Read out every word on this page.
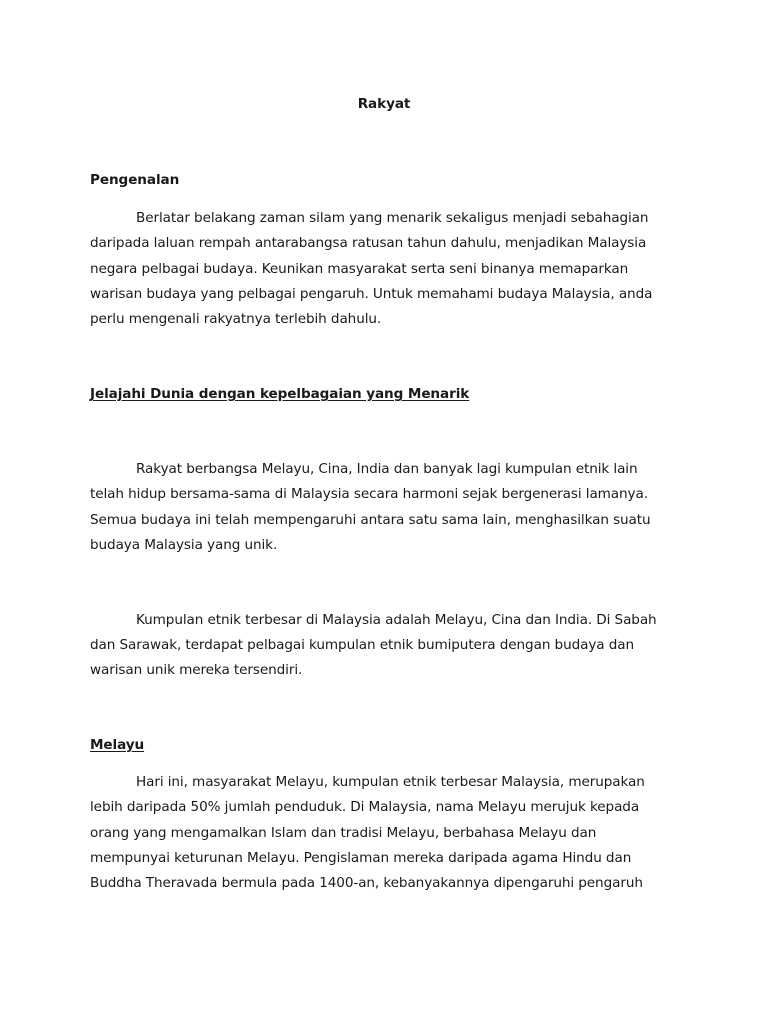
Rakyat
Pengenalan
Berlatar belakang zaman silam yang menarik sekaligus menjadi sebahagian
daripada laluan rempah antarabangsa ratusan tahun dahulu, menjadikan Malaysia
negara pelbagai budaya. Keunikan masyarakat serta seni binanya memaparkan
warisan budaya yang pelbagai pengaruh. Untuk memahami budaya Malaysia, anda
perlu mengenali rakyatnya terlebih dahulu.
Jelajahi Dunia dengan kepelbagaian yang Menarik
Rakyat berbangsa Melayu, Cina, India dan banyak lagi kumpulan etnik lain
telah hidup bersama-sama di Malaysia secara harmoni sejak bergenerasi lamanya.
Semua budaya ini telah mempengaruhi antara satu sama lain, menghasilkan suatu
budaya Malaysia yang unik.
Kumpulan etnik terbesar di Malaysia adalah Melayu, Cina dan India. Di Sabah
dan Sarawak, terdapat pelbagai kumpulan etnik bumiputera dengan budaya dan
warisan unik mereka tersendiri.
Melayu
Hari ini, masyarakat Melayu, kumpulan etnik terbesar Malaysia, merupakan
lebih daripada 50% jumlah penduduk. Di Malaysia, nama Melayu merujuk kepada
orang yang mengamalkan Islam dan tradisi Melayu, berbahasa Melayu dan
mempunyai keturunan Melayu. Pengislaman mereka daripada agama Hindu dan
Buddha Theravada bermula pada 1400-an, kebanyakannya dipengaruhi pengaruh
